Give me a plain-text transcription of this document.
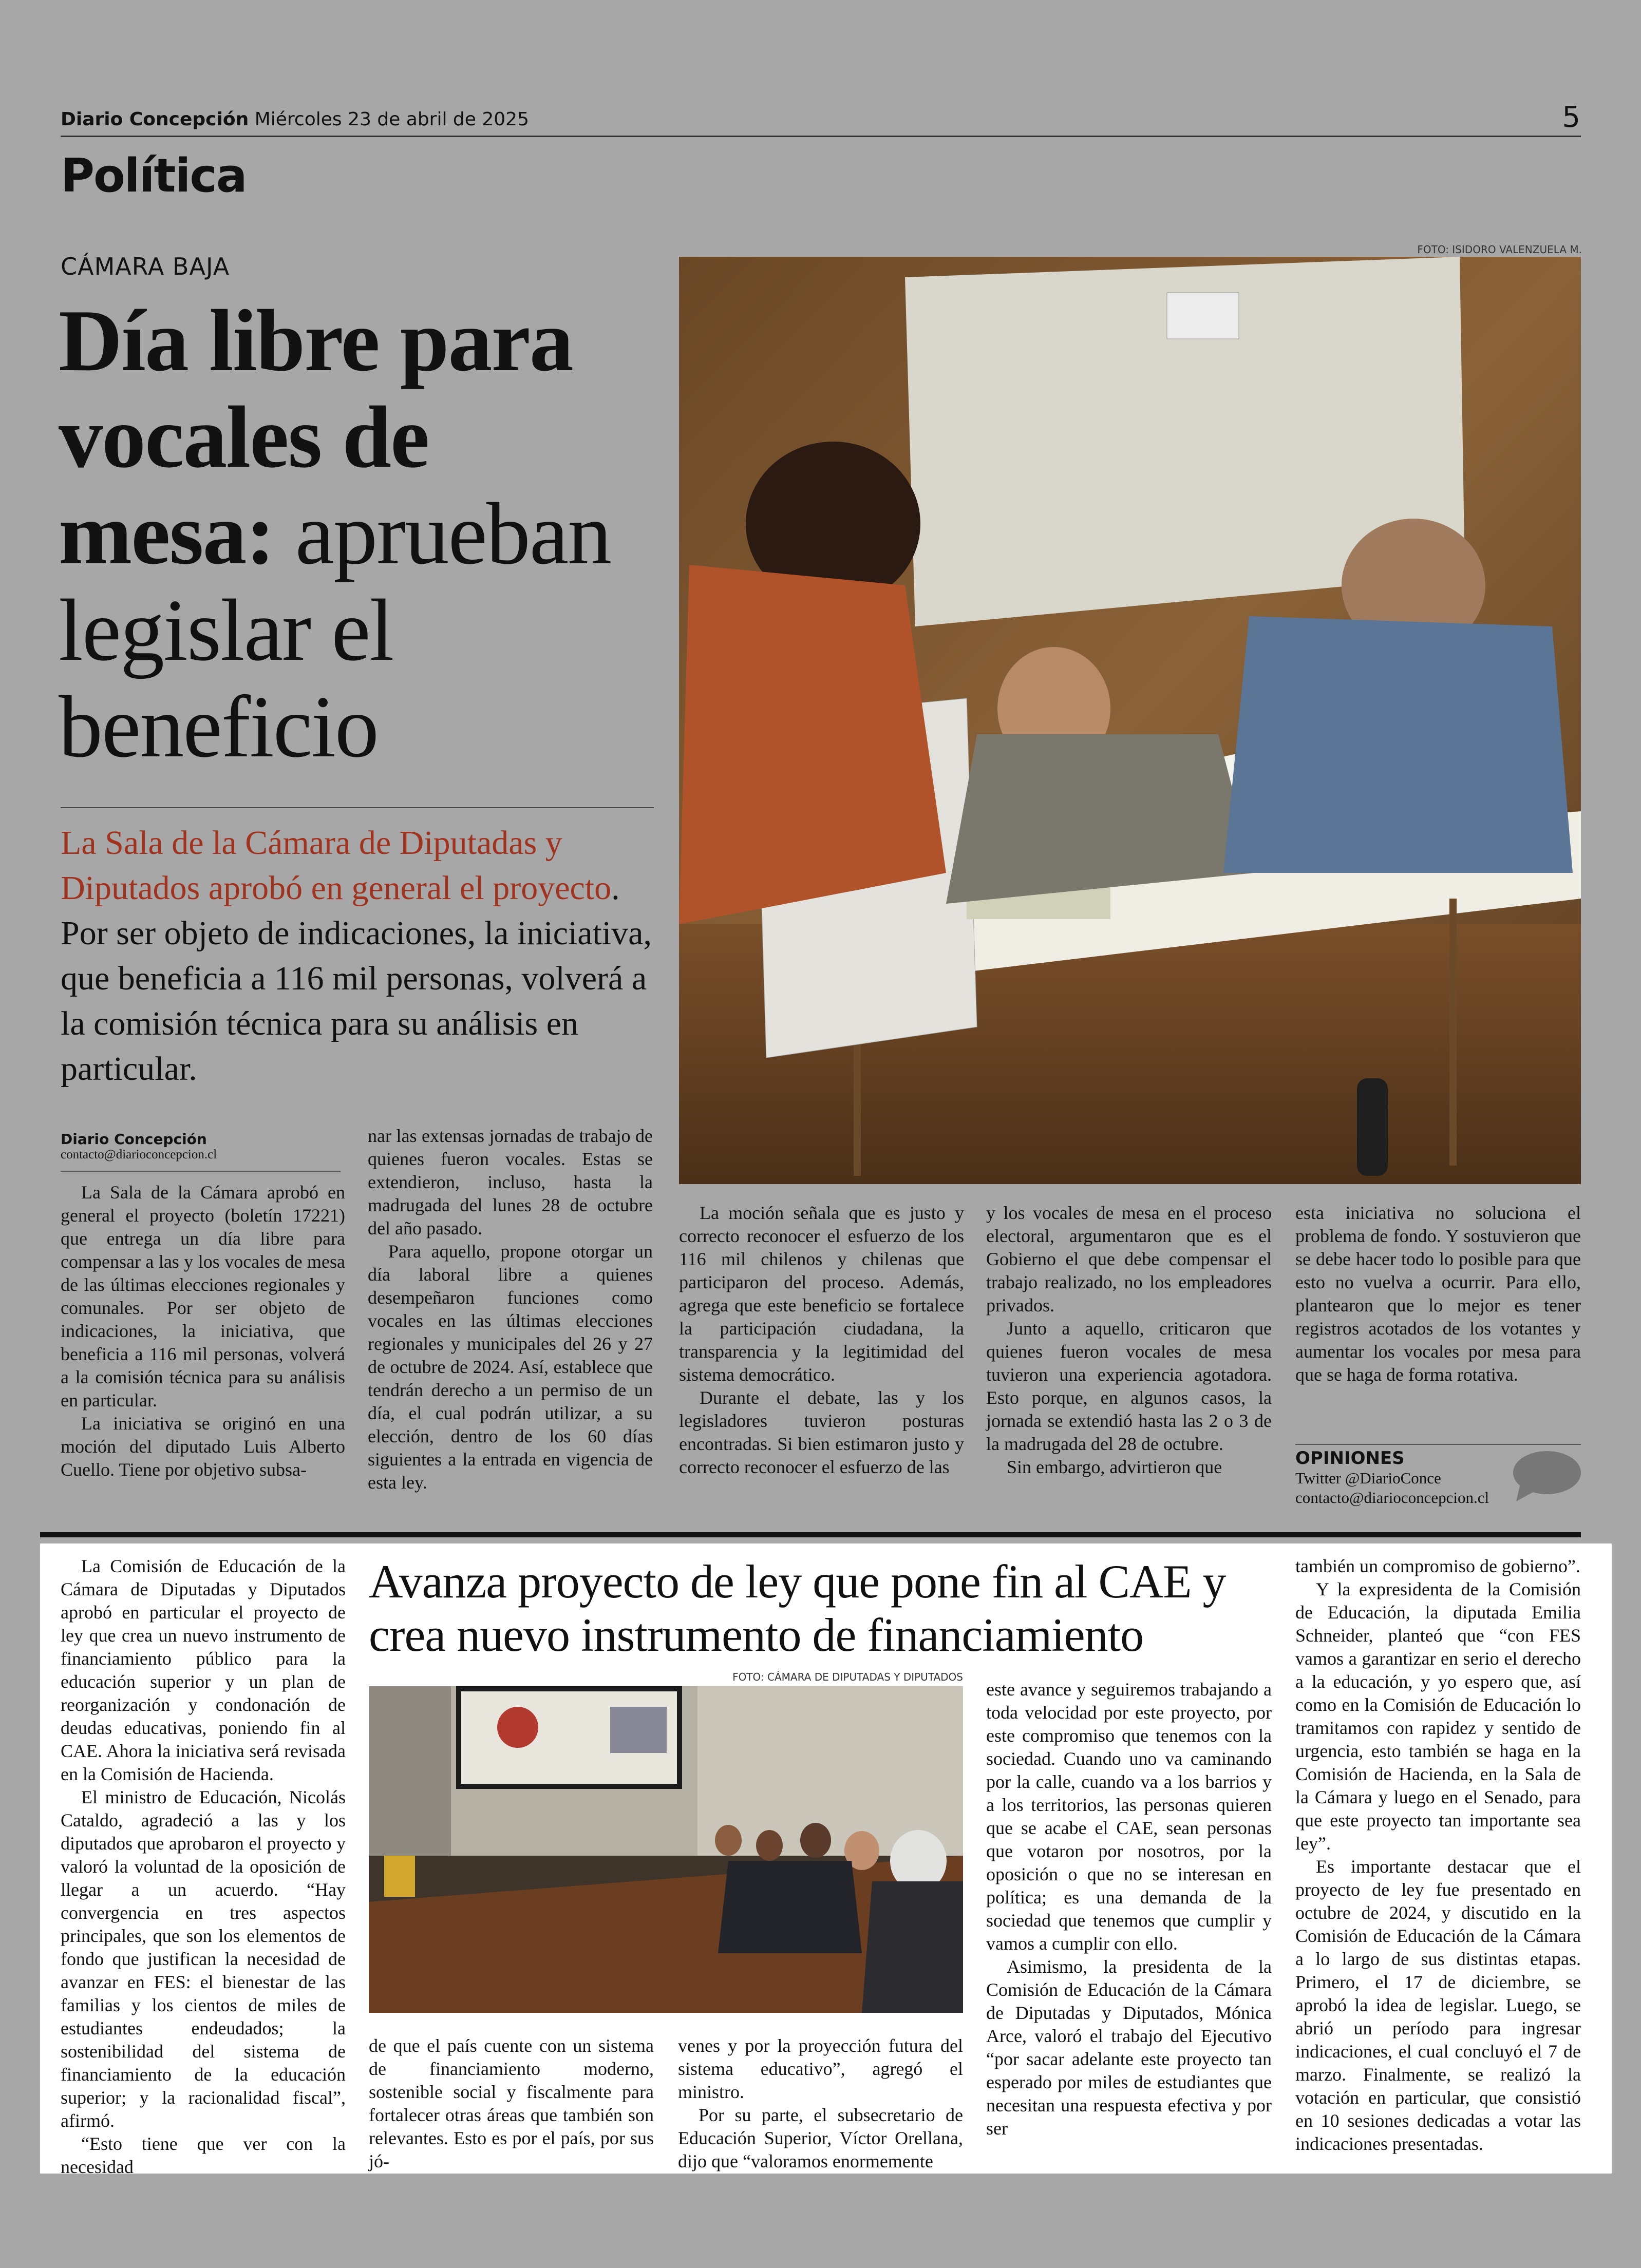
Diario Concepción Miércoles 23 de abril de 2025	5
Política
CÁMARA BAJA
Día libre para vocales de mesa: aprueban legislar el beneficio
La Sala de la Cámara de Diputadas y Diputados aprobó en general el proyecto. Por ser objeto de indicaciones, la iniciativa, que beneficia a 116 mil personas, volverá a la comisión técnica para su análisis en particular.
FOTO: ISIDORO VALENZUELA M.
Diario Concepción
contacto@diarioconcepcion.cl

La Sala de la Cámara aprobó en general el proyecto (boletín 17221) que entrega un día libre para compensar a las y los vocales de mesa de las últimas elecciones regionales y comunales. Por ser objeto de indicaciones, la iniciativa, que beneficia a 116 mil personas, volverá a la comisión técnica para su análisis en particular.

La iniciativa se originó en una moción del diputado Luis Alberto Cuello. Tiene por objetivo subsa-

nar las extensas jornadas de trabajo de quienes fueron vocales. Estas se extendieron, incluso, hasta la madrugada del lunes 28 de octubre del año pasado.

Para aquello, propone otorgar un día laboral libre a quienes desempeñaron funciones como vocales en las últimas elecciones regionales y municipales del 26 y 27 de octubre de 2024. Así, establece que tendrán derecho a un permiso de un día, el cual podrán utilizar, a su elección, dentro de los 60 días siguientes a la entrada en vigencia de esta ley.

La moción señala que es justo y correcto reconocer el esfuerzo de los 116 mil chilenos y chilenas que participaron del proceso. Además, agrega que este beneficio se fortalece la participación ciudadana, la transparencia y la legitimidad del sistema democrático.

Durante el debate, las y los legisladores tuvieron posturas encontradas. Si bien estimaron justo y correcto reconocer el esfuerzo de las

y los vocales de mesa en el proceso electoral, argumentaron que es el Gobierno el que debe compensar el trabajo realizado, no los empleadores privados.

Junto a aquello, criticaron que quienes fueron vocales de mesa tuvieron una experiencia agotadora. Esto porque, en algunos casos, la jornada se extendió hasta las 2 o 3 de la madrugada del 28 de octubre.

Sin embargo, advirtieron que

esta iniciativa no soluciona el problema de fondo. Y sostuvieron que se debe hacer todo lo posible para que esto no vuelva a ocurrir. Para ello, plantearon que lo mejor es tener registros acotados de los votantes y aumentar los vocales por mesa para que se haga de forma rotativa.

OPINIONES
Twitter @DiarioConce
contacto@diarioconcepcion.cl

La Comisión de Educación de la Cámara de Diputadas y Diputados aprobó en particular el proyecto de ley que crea un nuevo instrumento de financiamiento público para la educación superior y un plan de reorganización y condonación de deudas educativas, poniendo fin al CAE. Ahora la iniciativa será revisada en la Comisión de Hacienda.

El ministro de Educación, Nicolás Cataldo, agradeció a las y los diputados que aprobaron el proyecto y valoró la voluntad de la oposición de llegar a un acuerdo. “Hay convergencia en tres aspectos principales, que son los elementos de fondo que justifican la necesidad de avanzar en FES: el bienestar de las familias y los cientos de miles de estudiantes endeudados; la sostenibilidad del sistema de financiamiento de la educación superior; y la racionalidad fiscal”, afirmó.

“Esto tiene que ver con la necesidad

Avanza proyecto de ley que pone fin al CAE y crea nuevo instrumento de financiamiento
FOTO: CÁMARA DE DIPUTADAS Y DIPUTADOS

de que el país cuente con un sistema de financiamiento moderno, sostenible social y fiscalmente para fortalecer otras áreas que también son relevantes. Esto es por el país, por sus jó-

venes y por la proyección futura del sistema educativo”, agregó el ministro.

Por su parte, el subsecretario de Educación Superior, Víctor Orellana, dijo que “valoramos enormemente

este avance y seguiremos trabajando a toda velocidad por este proyecto, por este compromiso que tenemos con la sociedad. Cuando uno va caminando por la calle, cuando va a los barrios y a los territorios, las personas quieren que se acabe el CAE, sean personas que votaron por nosotros, por la oposición o que no se interesan en política; es una demanda de la sociedad que tenemos que cumplir y vamos a cumplir con ello.

Asimismo, la presidenta de la Comisión de Educación de la Cámara de Diputadas y Diputados, Mónica Arce, valoró el trabajo del Ejecutivo “por sacar adelante este proyecto tan esperado por miles de estudiantes que necesitan una respuesta efectiva y por ser

también un compromiso de gobierno”.

Y la expresidenta de la Comisión de Educación, la diputada Emilia Schneider, planteó que “con FES vamos a garantizar en serio el derecho a la educación, y yo espero que, así como en la Comisión de Educación lo tramitamos con rapidez y sentido de urgencia, esto también se haga en la Comisión de Hacienda, en la Sala de la Cámara y luego en el Senado, para que este proyecto tan importante sea ley”.

Es importante destacar que el proyecto de ley fue presentado en octubre de 2024, y discutido en la Comisión de Educación de la Cámara a lo largo de sus distintas etapas. Primero, el 17 de diciembre, se aprobó la idea de legislar. Luego, se abrió un período para ingresar indicaciones, el cual concluyó el 7 de marzo. Finalmente, se realizó la votación en particular, que consistió en 10 sesiones dedicadas a votar las indicaciones presentadas.
